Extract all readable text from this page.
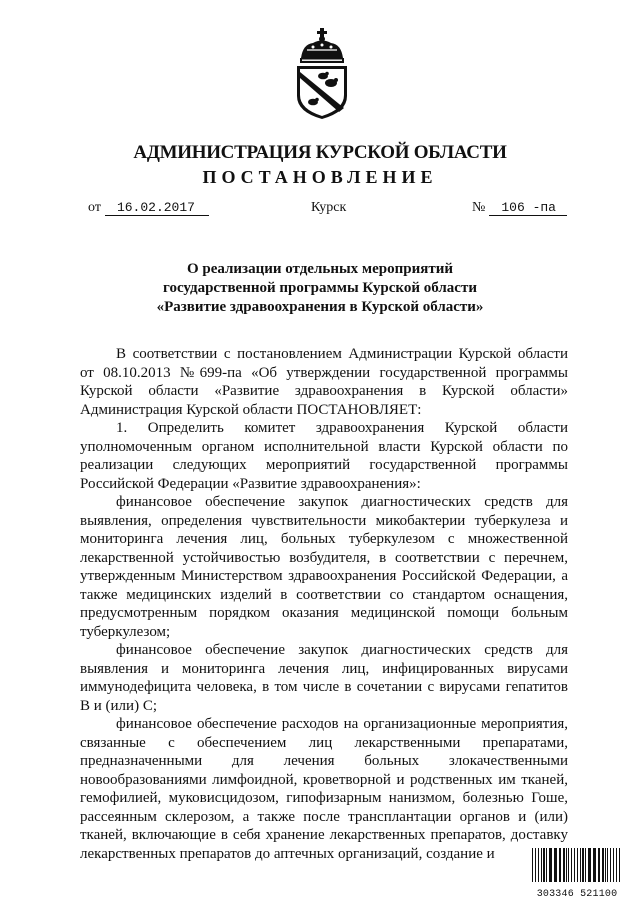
АДМИНИСТРАЦИЯ КУРСКОЙ ОБЛАСТИ
ПОСТАНОВЛЕНИЕ
от 16.02.2017	Курск	№ 106 -па
О реализации отдельных мероприятий
государственной программы Курской области
«Развитие здравоохранения в Курской области»

В соответствии с постановлением Администрации Курской области от 08.10.2013 №699-па «Об утверждении государственной программы Курской области «Развитие здравоохранения в Курской области» Администрация Курской области ПОСТАНОВЛЯЕТ:

1. Определить комитет здравоохранения Курской области уполномоченным органом исполнительной власти Курской области по реализации следующих мероприятий государственной программы Российской Федерации «Развитие здравоохранения»:

финансовое обеспечение закупок диагностических средств для выявления, определения чувствительности микобактерии туберкулеза и мониторинга лечения лиц, больных туберкулезом с множественной лекарственной устойчивостью возбудителя, в соответствии с перечнем, утвержденным Министерством здравоохранения Российской Федерации, а также медицинских изделий в соответствии со стандартом оснащения, предусмотренным порядком оказания медицинской помощи больным туберкулезом;

финансовое обеспечение закупок диагностических средств для выявления и мониторинга лечения лиц, инфицированных вирусами иммунодефицита человека, в том числе в сочетании с вирусами гепатитов В и (или) С;

финансовое обеспечение расходов на организационные мероприятия, связанные с обеспечением лиц лекарственными препаратами, предназначенными для лечения больных злокачественными новообразованиями лимфоидной, кроветворной и родственных им тканей, гемофилией, муковисцидозом, гипофизарным нанизмом, болезнью Гоше, рассеянным склерозом, а также после трансплантации органов и (или) тканей, включающие в себя хранение лекарственных препаратов, доставку лекарственных препаратов до аптечных организаций, создание и

303346 521100
